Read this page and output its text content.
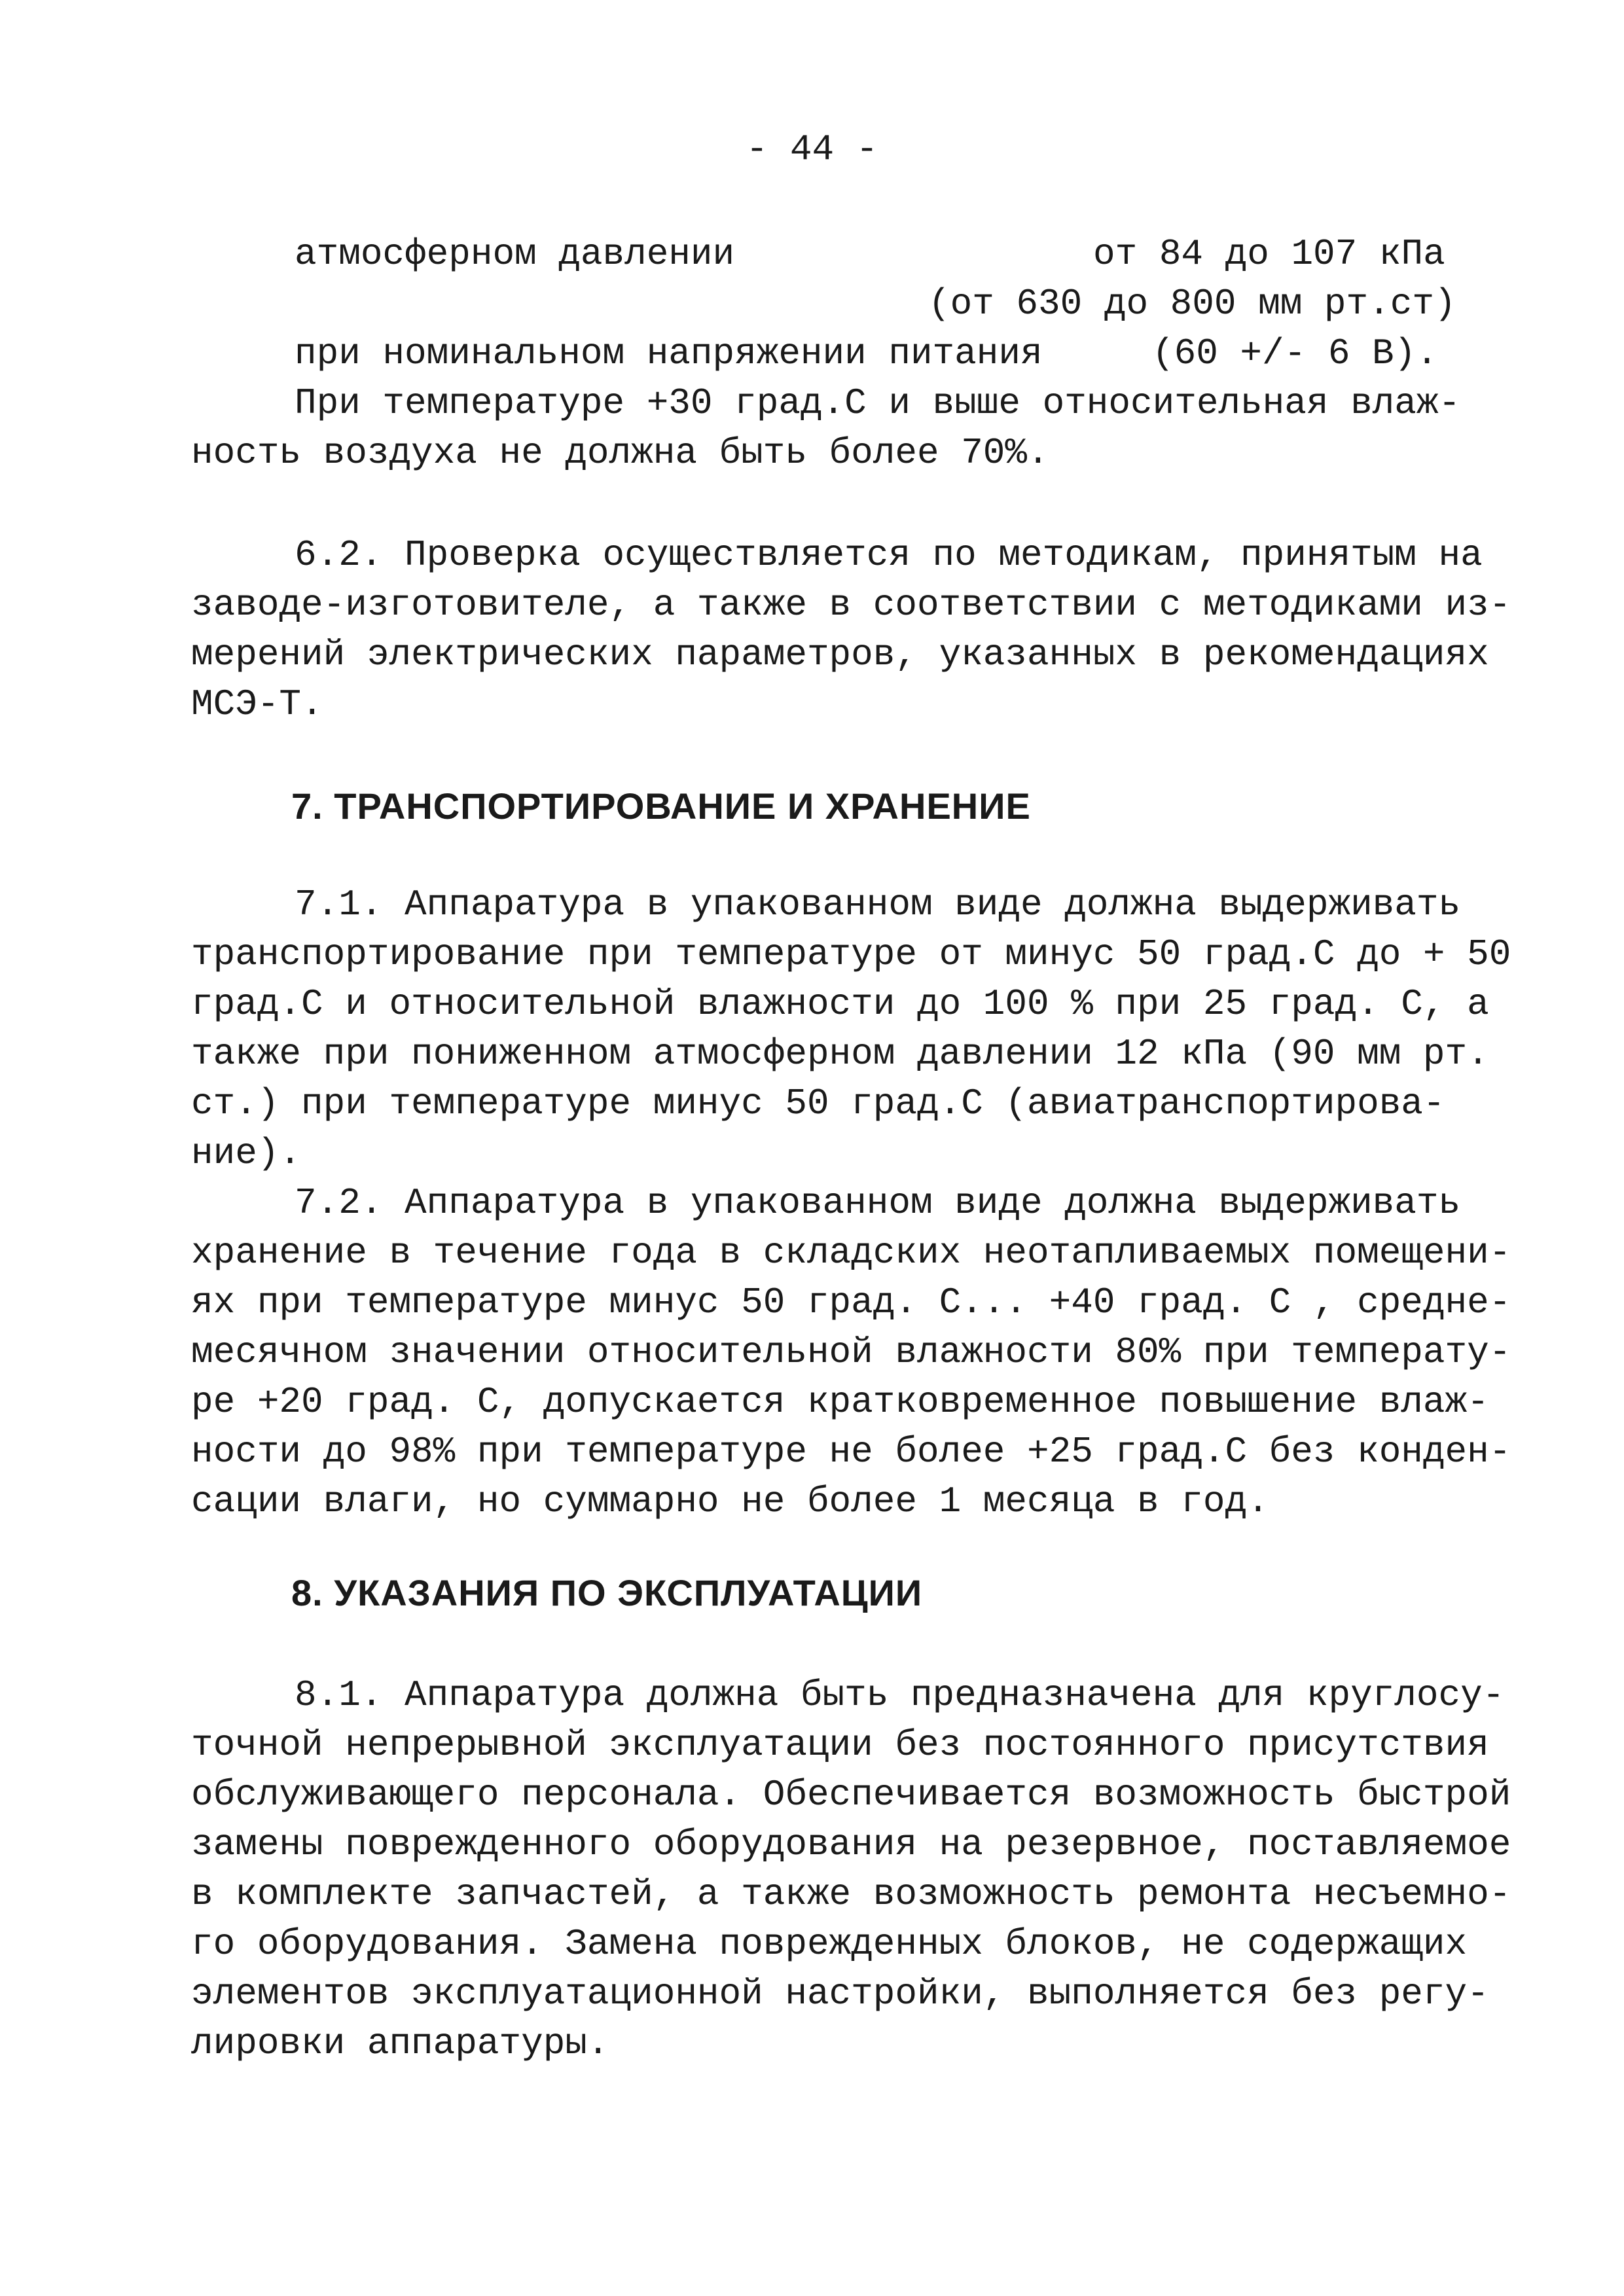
- 44 -
атмосферном давлении	от 84 до 107 кПа
(от 630 до 800 мм рт.ст)
при номинальном напряжении питания	(60 +/- 6 В).
При температуре +30 град.С и выше относительная влаж-
ность воздуха не должна быть более 70%.
6.2. Проверка осуществляется по методикам, принятым на
заводе-изготовителе, а также в соответствии с методиками из-
мерений электрических параметров, указанных в рекомендациях
МСЭ-Т.
7. ТРАНСПОРТИРОВАНИЕ И ХРАНЕНИЕ
7.1. Аппаратура в упакованном виде должна выдерживать
транспортирование при температуре от минус 50 град.С до + 50
град.С и относительной влажности до 100 % при 25 град. С, а
также при пониженном атмосферном давлении 12 кПа (90 мм рт.
ст.) при температуре минус 50 град.С (авиатранспортирова-
ние).
7.2. Аппаратура в упакованном виде должна выдерживать
хранение в течение года в складских неотапливаемых помещени-
ях при температуре минус 50 град. С... +40 град. С , средне-
месячном значении относительной влажности 80% при температу-
ре +20 град. С, допускается кратковременное повышение влаж-
ности до 98% при температуре не более +25 град.С без конден-
сации влаги, но суммарно не более 1 месяца в год.
8. УКАЗАНИЯ ПО ЭКСПЛУАТАЦИИ
8.1. Аппаратура должна быть предназначена для круглосу-
точной непрерывной эксплуатации без постоянного присутствия
обслуживающего персонала. Обеспечивается возможность быстрой
замены поврежденного оборудования на резервное, поставляемое
в комплекте запчастей, а также возможность ремонта несъемно-
го оборудования. Замена поврежденных блоков, не содержащих
элементов эксплуатационной настройки, выполняется без регу-
лировки аппаратуры.
